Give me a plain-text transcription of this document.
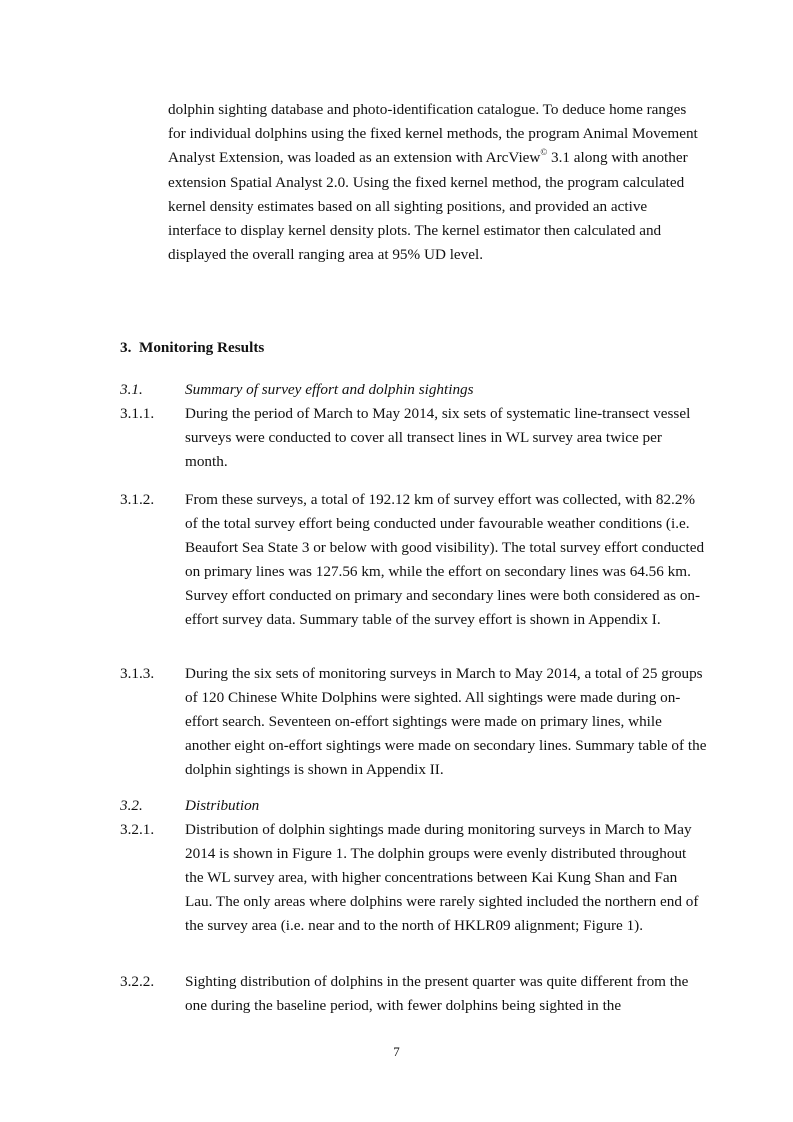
dolphin sighting database and photo-identification catalogue. To deduce home ranges for individual dolphins using the fixed kernel methods, the program Animal Movement Analyst Extension, was loaded as an extension with ArcView© 3.1 along with another extension Spatial Analyst 2.0. Using the fixed kernel method, the program calculated kernel density estimates based on all sighting positions, and provided an active interface to display kernel density plots. The kernel estimator then calculated and displayed the overall ranging area at 95% UD level.

3. Monitoring Results

3.1.	Summary of survey effort and dolphin sightings

3.1.1. During the period of March to May 2014, six sets of systematic line-transect vessel surveys were conducted to cover all transect lines in WL survey area twice per month.

3.1.2. From these surveys, a total of 192.12 km of survey effort was collected, with 82.2% of the total survey effort being conducted under favourable weather conditions (i.e. Beaufort Sea State 3 or below with good visibility). The total survey effort conducted on primary lines was 127.56 km, while the effort on secondary lines was 64.56 km. Survey effort conducted on primary and secondary lines were both considered as on-effort survey data. Summary table of the survey effort is shown in Appendix I.

3.1.3. During the six sets of monitoring surveys in March to May 2014, a total of 25 groups of 120 Chinese White Dolphins were sighted. All sightings were made during on-effort search. Seventeen on-effort sightings were made on primary lines, while another eight on-effort sightings were made on secondary lines. Summary table of the dolphin sightings is shown in Appendix II.

3.2.	Distribution

3.2.1. Distribution of dolphin sightings made during monitoring surveys in March to May 2014 is shown in Figure 1. The dolphin groups were evenly distributed throughout the WL survey area, with higher concentrations between Kai Kung Shan and Fan Lau. The only areas where dolphins were rarely sighted included the northern end of the survey area (i.e. near and to the north of HKLR09 alignment; Figure 1).

3.2.2. Sighting distribution of dolphins in the present quarter was quite different from the one during the baseline period, with fewer dolphins being sighted in the

7
